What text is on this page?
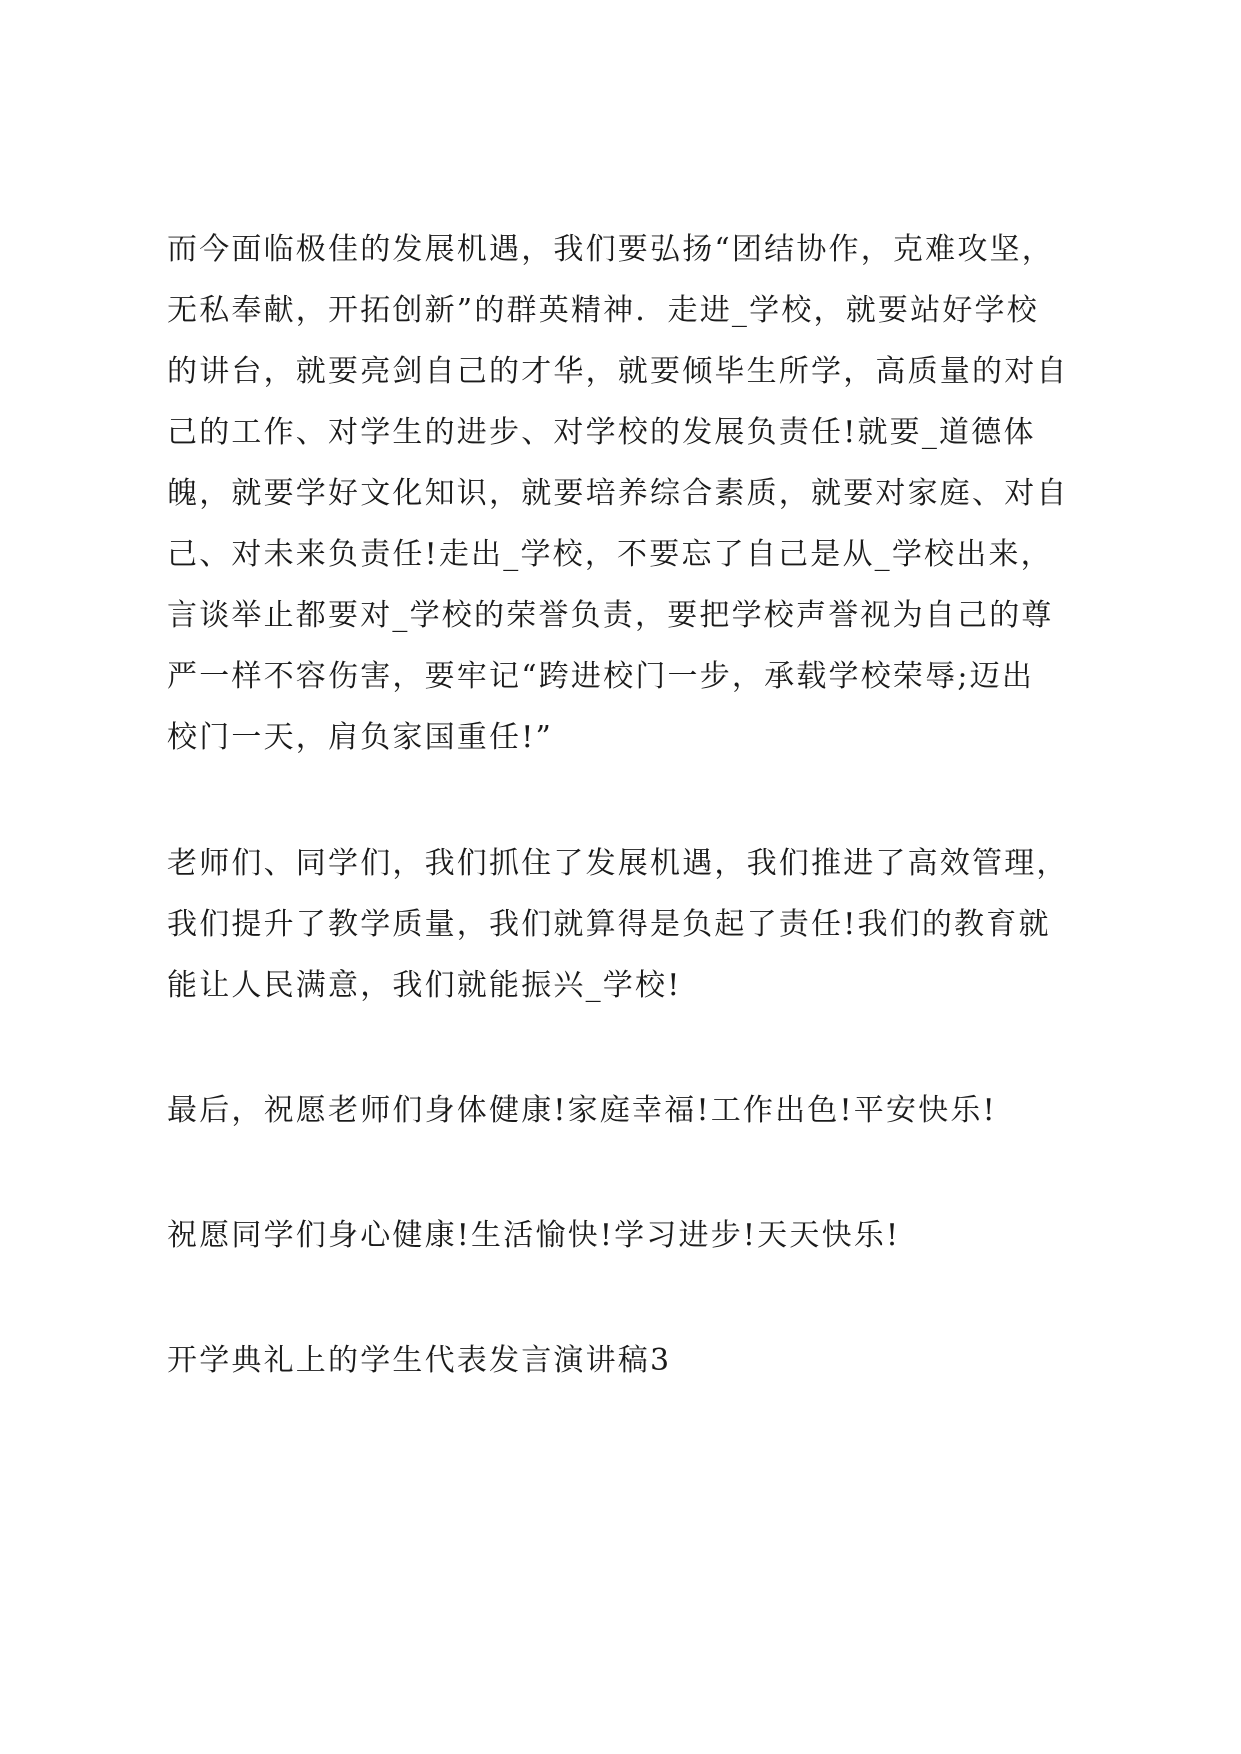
而今面临极佳的发展机遇，我们要弘扬“团结协作，克难攻坚，
无私奉献，开拓创新”的群英精神．走进_学校，就要站好学校
的讲台，就要亮剑自己的才华，就要倾毕生所学，高质量的对自
己的工作、对学生的进步、对学校的发展负责任!就要_道德体
魄，就要学好文化知识，就要培养综合素质，就要对家庭、对自
己、对未来负责任!走出_学校，不要忘了自己是从_学校出来，
言谈举止都要对_学校的荣誉负责，要把学校声誉视为自己的尊
严一样不容伤害，要牢记“跨进校门一步，承载学校荣辱;迈出
校门一天，肩负家国重任!”
老师们、同学们，我们抓住了发展机遇，我们推进了高效管理，
我们提升了教学质量，我们就算得是负起了责任!我们的教育就
能让人民满意，我们就能振兴_学校!
最后，祝愿老师们身体健康!家庭幸福!工作出色!平安快乐!
祝愿同学们身心健康!生活愉快!学习进步!天天快乐!
开学典礼上的学生代表发言演讲稿3
